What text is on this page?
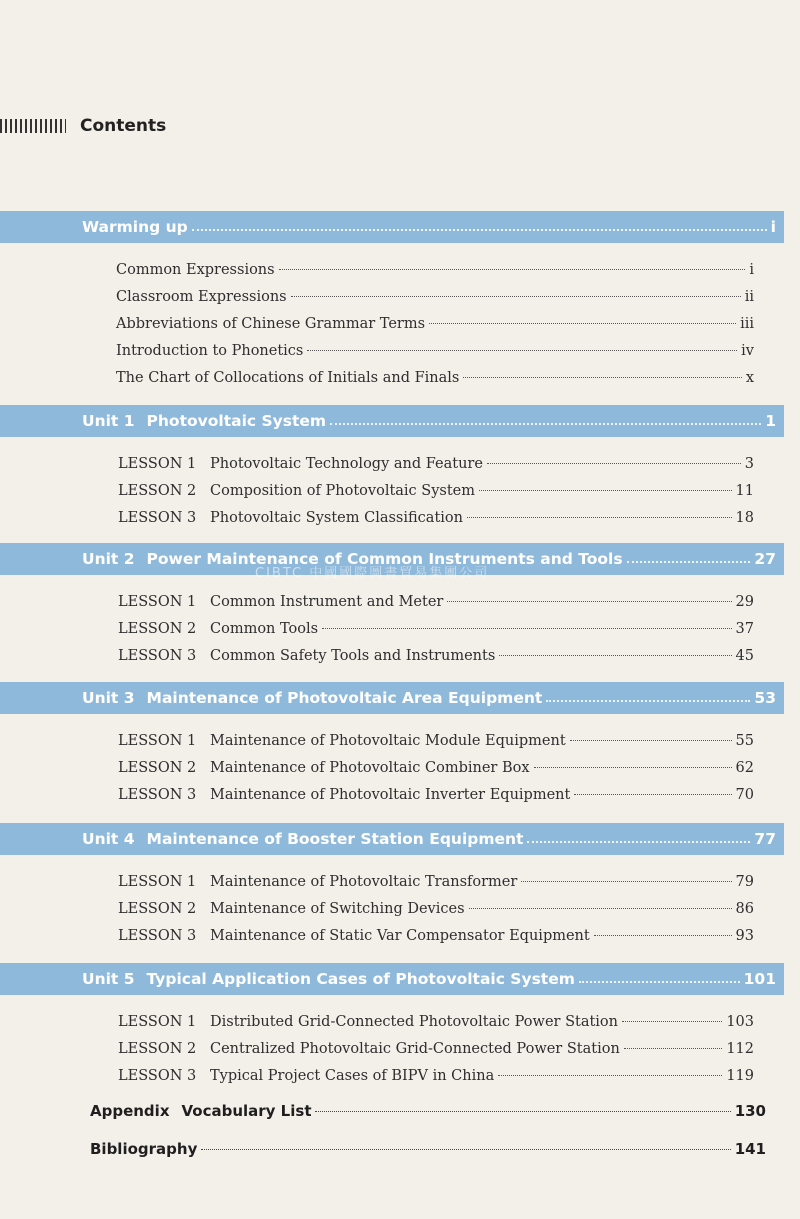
Contents
Warming up	i
Common Expressions	i
Classroom Expressions	ii
Abbreviations of Chinese Grammar Terms	iii
Introduction to Phonetics	iv
The Chart of Collocations of Initials and Finals	x
Unit 1 Photovoltaic System	1
LESSON 1 Photovoltaic Technology and Feature	3
LESSON 2 Composition of Photovoltaic System	11
LESSON 3 Photovoltaic System Classification	18
Unit 2 Power Maintenance of Common Instruments and Tools	27
LESSON 1 Common Instrument and Meter	29
LESSON 2 Common Tools	37
LESSON 3 Common Safety Tools and Instruments	45
Unit 3 Maintenance of Photovoltaic Area Equipment	53
LESSON 1 Maintenance of Photovoltaic Module Equipment	55
LESSON 2 Maintenance of Photovoltaic Combiner Box	62
LESSON 3 Maintenance of Photovoltaic Inverter Equipment	70
Unit 4 Maintenance of Booster Station Equipment	77
LESSON 1 Maintenance of Photovoltaic Transformer	79
LESSON 2 Maintenance of Switching Devices	86
LESSON 3 Maintenance of Static Var Compensator Equipment	93
Unit 5 Typical Application Cases of Photovoltaic System	101
LESSON 1 Distributed Grid-Connected Photovoltaic Power Station	103
LESSON 2 Centralized Photovoltaic Grid-Connected Power Station	112
LESSON 3 Typical Project Cases of BIPV in China	119
Appendix Vocabulary List	130
Bibliography	141
CIBTC 中國國際圖書貿易集團公司
